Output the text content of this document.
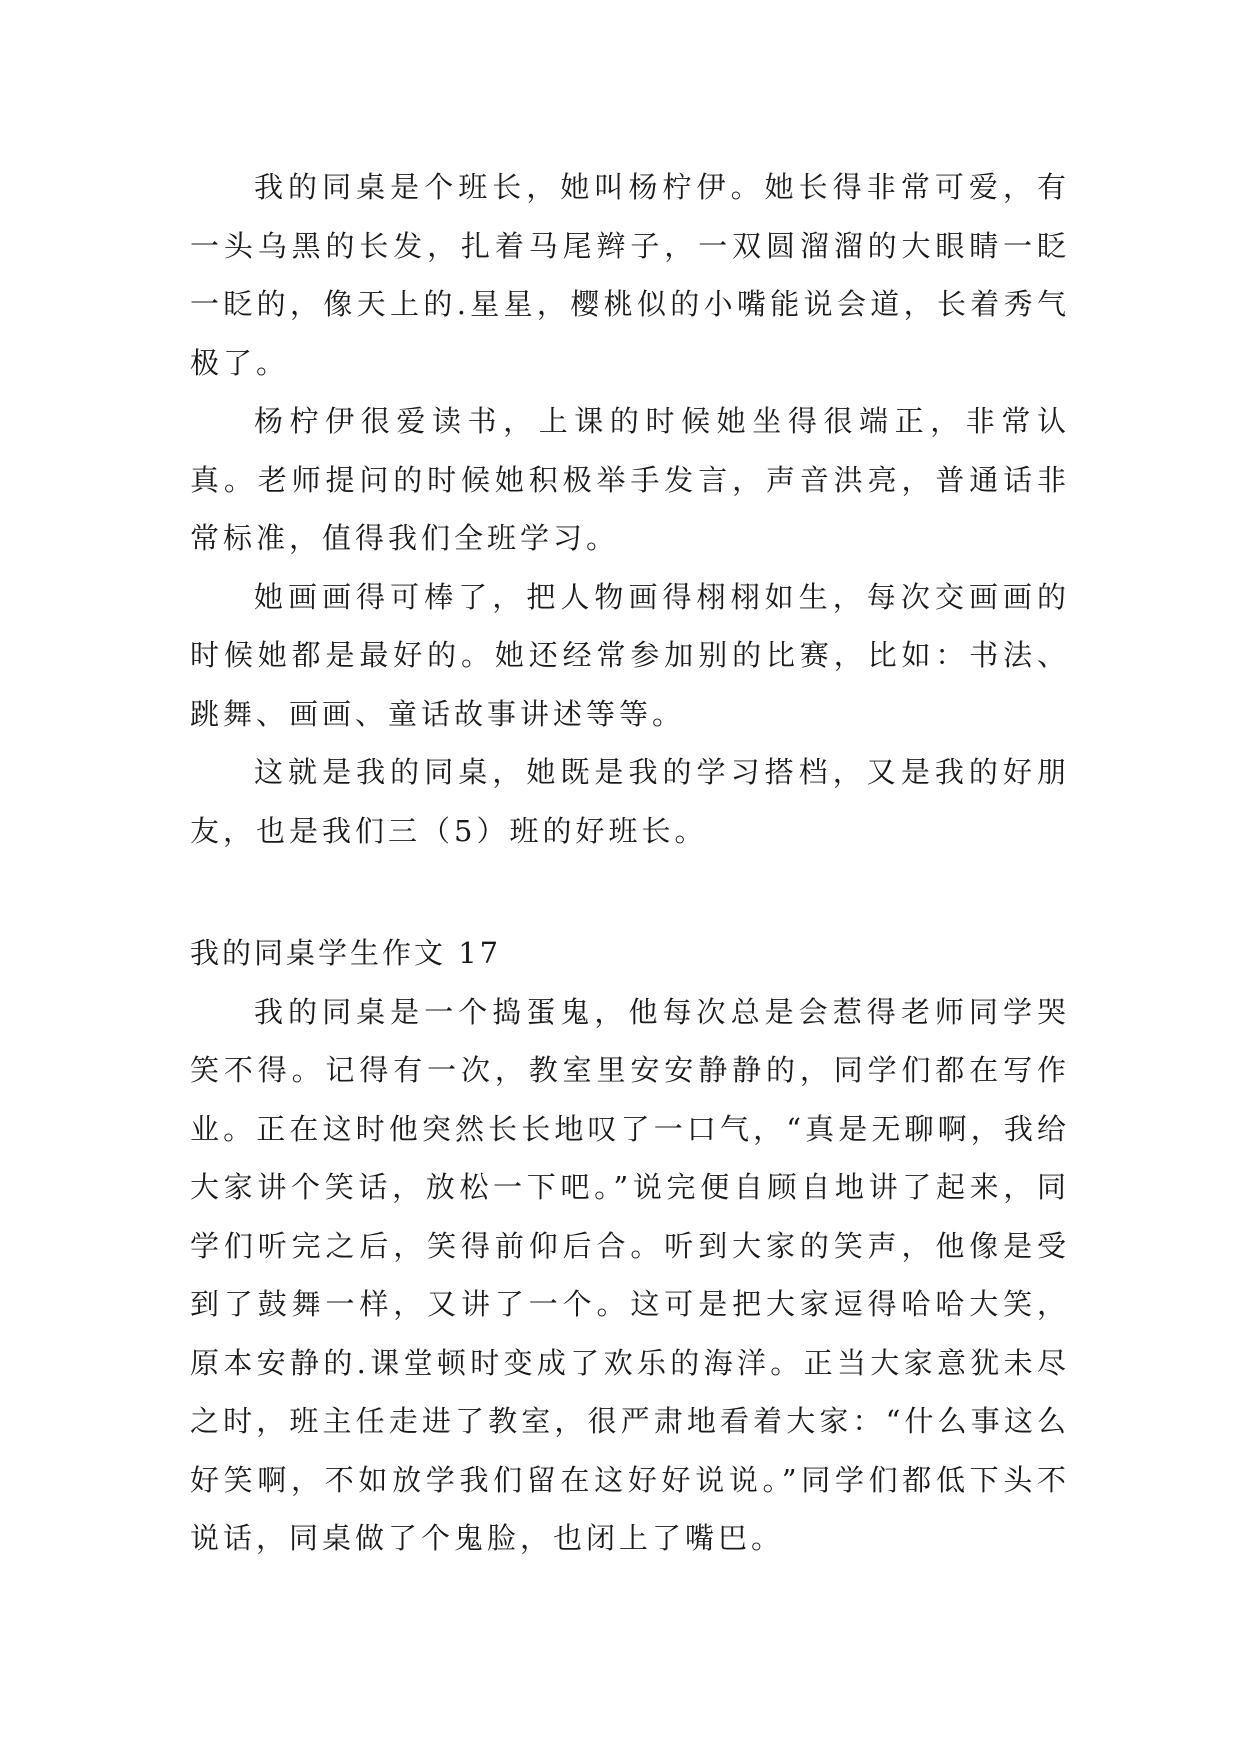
我的同桌是个班长，她叫杨柠伊。她长得非常可爱，有一头乌黑的长发，扎着马尾辫子，一双圆溜溜的大眼睛一眨一眨的，像天上的.星星，樱桃似的小嘴能说会道，长着秀气极了。

杨柠伊很爱读书，上课的时候她坐得很端正，非常认真。老师提问的时候她积极举手发言，声音洪亮，普通话非常标准，值得我们全班学习。

她画画得可棒了，把人物画得栩栩如生，每次交画画的时候她都是最好的。她还经常参加别的比赛，比如：书法、跳舞、画画、童话故事讲述等等。

这就是我的同桌，她既是我的学习搭档，又是我的好朋友，也是我们三（5）班的好班长。

我的同桌学生作文 17

我的同桌是一个捣蛋鬼，他每次总是会惹得老师同学哭笑不得。记得有一次，教室里安安静静的，同学们都在写作业。正在这时他突然长长地叹了一口气，“真是无聊啊，我给大家讲个笑话，放松一下吧。”说完便自顾自地讲了起来，同学们听完之后，笑得前仰后合。听到大家的笑声，他像是受到了鼓舞一样，又讲了一个。这可是把大家逗得哈哈大笑，原本安静的.课堂顿时变成了欢乐的海洋。正当大家意犹未尽之时，班主任走进了教室，很严肃地看着大家：“什么事这么好笑啊，不如放学我们留在这好好说说。”同学们都低下头不说话，同桌做了个鬼脸，也闭上了嘴巴。
